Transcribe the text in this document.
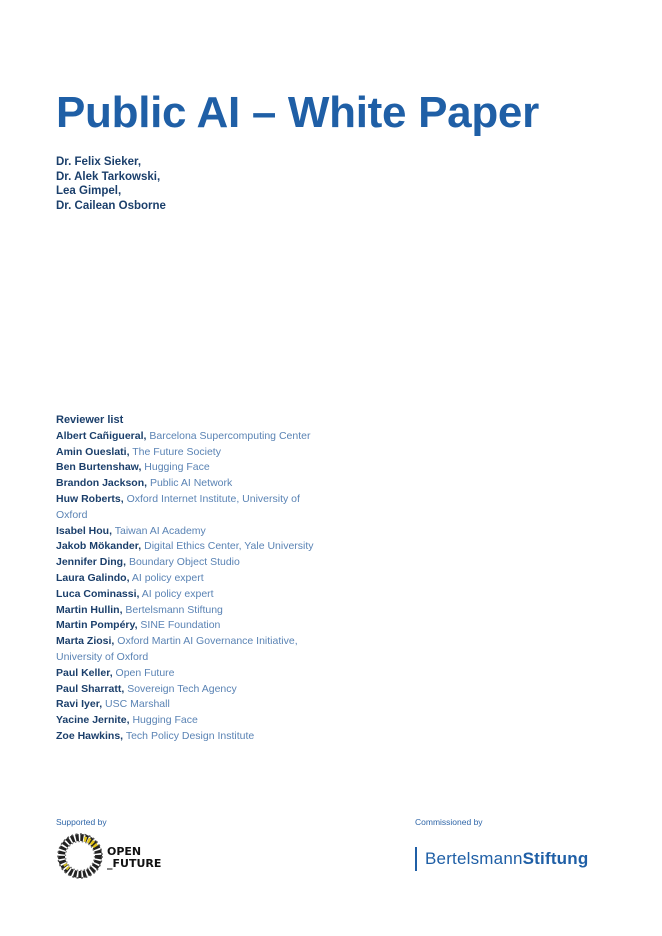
Public AI – White Paper
Dr. Felix Sieker,
Dr. Alek Tarkowski,
Lea Gimpel,
Dr. Cailean Osborne
Reviewer list
Albert Cañigueral, Barcelona Supercomputing Center
Amin Oueslati, The Future Society
Ben Burtenshaw, Hugging Face
Brandon Jackson, Public AI Network
Huw Roberts, Oxford Internet Institute, University of Oxford
Isabel Hou, Taiwan AI Academy
Jakob Mökander, Digital Ethics Center, Yale University
Jennifer Ding, Boundary Object Studio
Laura Galindo, AI policy expert
Luca Cominassi, AI policy expert
Martin Hullin, Bertelsmann Stiftung
Martin Pompéry, SINE Foundation
Marta Ziosi, Oxford Martin AI Governance Initiative, University of Oxford
Paul Keller, Open Future
Paul Sharratt, Sovereign Tech Agency
Ravi Iyer, USC Marshall
Yacine Jernite, Hugging Face
Zoe Hawkins, Tech Policy Design Institute
Supported by	Commissioned by
OPEN
_FUTURE	BertelsmannStiftung
